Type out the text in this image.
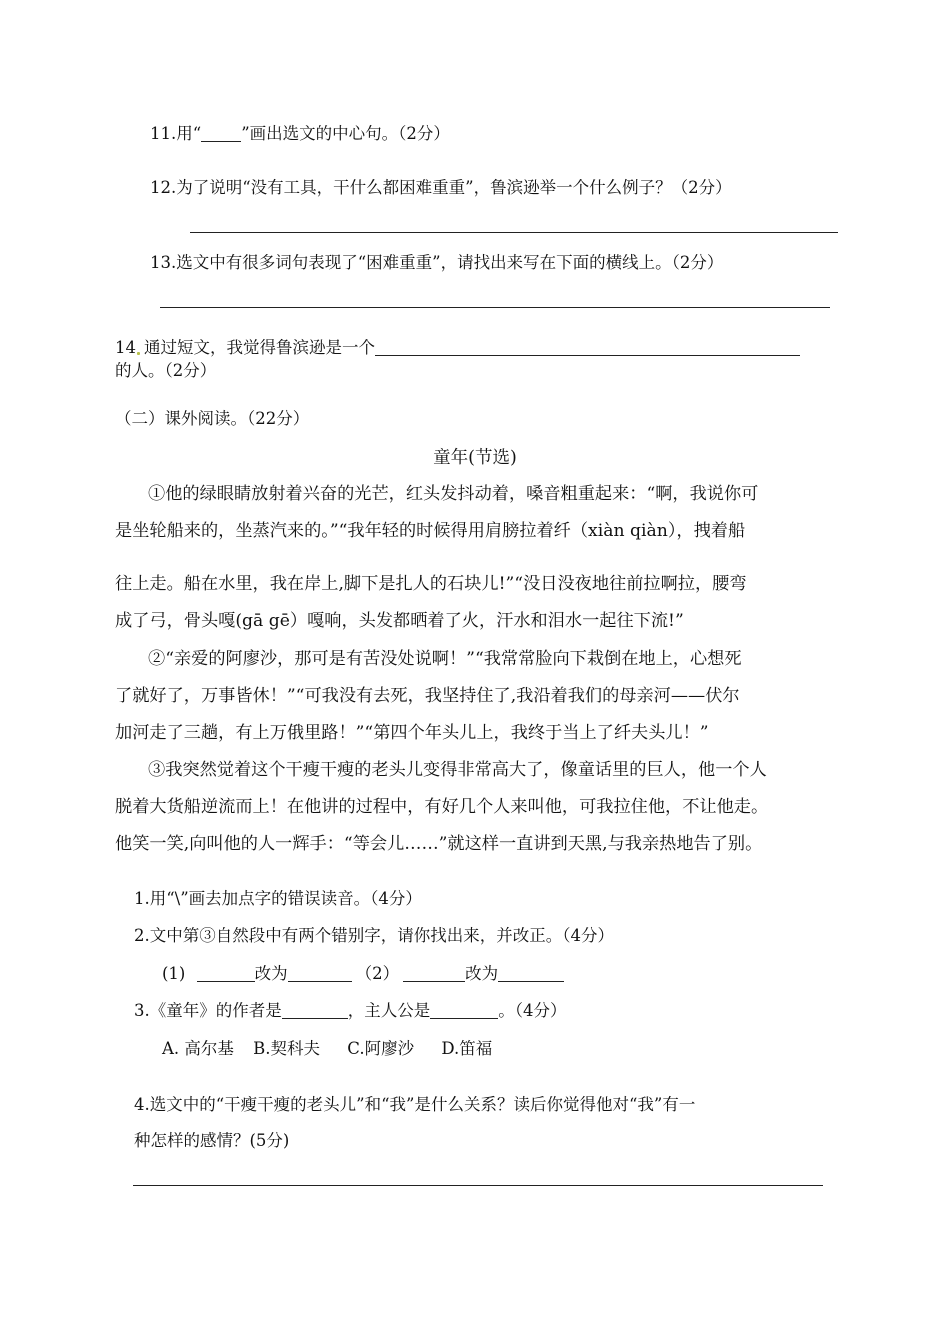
11.用“ ”画出选文的中心句。（2分）
12.为了说明“没有工具，干什么都困难重重”，鲁滨逊举一个什么例子？（2分）
13.选文中有很多词句表现了“困难重重”，请找出来写在下面的横线上。（2分）
14 通过短文，我觉得鲁滨逊是一个
的人。（2分）
（二）课外阅读。（22分）
童年(节选)
①他的绿眼睛放射着兴奋的光芒，红头发抖动着，嗓音粗重起来：“啊，我说你可
是坐轮船来的，坐蒸汽来的。”“我年轻的时候得用肩膀拉着纤（xiàn qiàn），拽着船
往上走。船在水里，我在岸上,脚下是扎人的石块儿!”“没日没夜地往前拉啊拉，腰弯
成了弓，骨头嘎(gā gē）嘎响，头发都晒着了火，汗水和泪水一起往下流!”
②“亲爱的阿廖沙，那可是有苦没处说啊！”“我常常脸向下栽倒在地上，心想死
了就好了，万事皆休！”“可我没有去死，我坚持住了,我沿着我们的母亲河——伏尔
加河走了三趟，有上万俄里路！”“第四个年头儿上，我终于当上了纤夫头儿！”
③我突然觉着这个干瘦干瘦的老头儿变得非常高大了，像童话里的巨人，他一个人
脱着大货船逆流而上！在他讲的过程中，有好几个人来叫他，可我拉住他，不让他走。
他笑一笑,向叫他的人一辉手：“等会儿……”就这样一直讲到天黑,与我亲热地告了别。
1.用“\”画去加点字的错误读音。（4分）
2.文中第③自然段中有两个错别字，请你找出来，并改正。（4分）
(1)	改为	（2）	改为
3.《童年》的作者是	，主人公是	。（4分）
A. 高尔基 B.契科夫 C.阿廖沙 D.笛福
4.选文中的“干瘦干瘦的老头儿”和“我”是什么关系？读后你觉得他对“我”有一
种怎样的感情？(5分)
